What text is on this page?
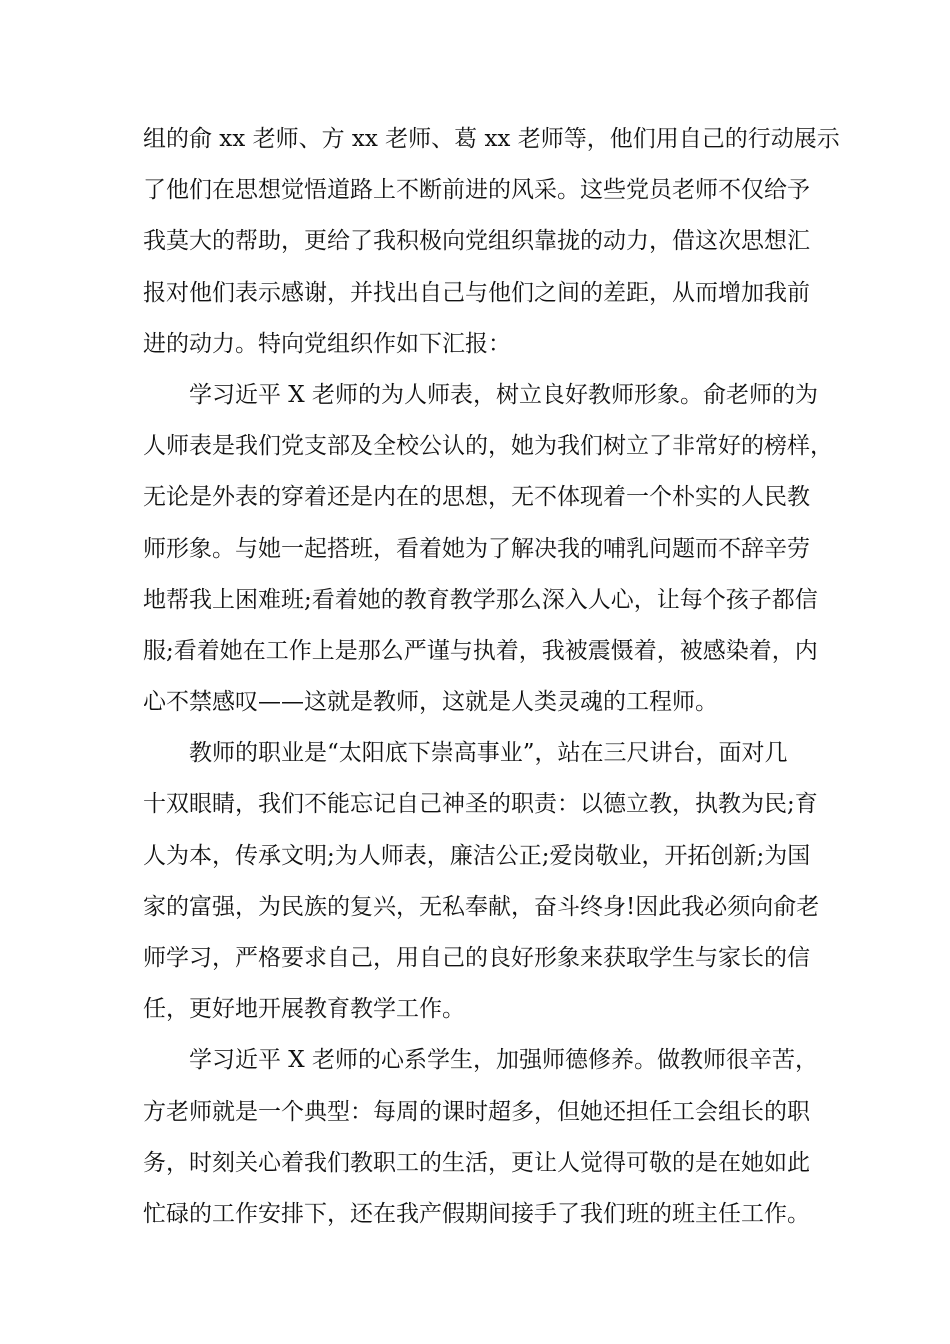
组的俞 xx 老师、方 xx 老师、葛 xx 老师等，他们用自己的行动展示
了他们在思想觉悟道路上不断前进的风采。这些党员老师不仅给予
我莫大的帮助，更给了我积极向党组织靠拢的动力，借这次思想汇
报对他们表示感谢，并找出自己与他们之间的差距，从而增加我前
进的动力。特向党组织作如下汇报：
学习近平 X 老师的为人师表，树立良好教师形象。俞老师的为
人师表是我们党支部及全校公认的，她为我们树立了非常好的榜样，
无论是外表的穿着还是内在的思想，无不体现着一个朴实的人民教
师形象。与她一起搭班，看着她为了解决我的哺乳问题而不辞辛劳
地帮我上困难班;看着她的教育教学那么深入人心，让每个孩子都信
服;看着她在工作上是那么严谨与执着，我被震慑着，被感染着，内
心不禁感叹——这就是教师，这就是人类灵魂的工程师。
教师的职业是“太阳底下崇高事业”，站在三尺讲台，面对几
十双眼睛，我们不能忘记自己神圣的职责：以德立教，执教为民;育
人为本，传承文明;为人师表，廉洁公正;爱岗敬业，开拓创新;为国
家的富强，为民族的复兴，无私奉献，奋斗终身!因此我必须向俞老
师学习，严格要求自己，用自己的良好形象来获取学生与家长的信
任，更好地开展教育教学工作。
学习近平 X 老师的心系学生，加强师德修养。做教师很辛苦，
方老师就是一个典型：每周的课时超多，但她还担任工会组长的职
务，时刻关心着我们教职工的生活，更让人觉得可敬的是在她如此
忙碌的工作安排下，还在我产假期间接手了我们班的班主任工作。
